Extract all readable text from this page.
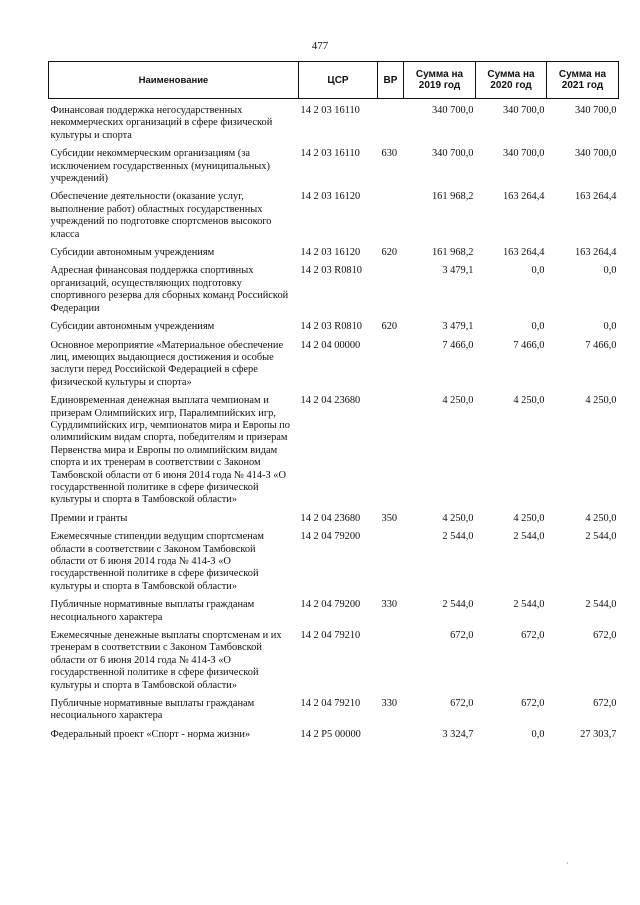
477
Наименование	ЦСР	ВР	Сумма на 2019 год	Сумма на 2020 год	Сумма на 2021 год

Финансовая поддержка негосударственных некоммерческих организаций в сфере физической культуры и спорта	14 2 03 16110		340 700,0	340 700,0	340 700,0
Субсидии некоммерческим организациям (за исключением государственных (муниципальных) учреждений)	14 2 03 16110	630	340 700,0	340 700,0	340 700,0
Обеспечение деятельности (оказание услуг, выполнение работ) областных государственных учреждений по подготовке спортсменов высокого класса	14 2 03 16120		161 968,2	163 264,4	163 264,4
Субсидии автономным учреждениям	14 2 03 16120	620	161 968,2	163 264,4	163 264,4
Адресная финансовая поддержка спортивных организаций, осуществляющих подготовку спортивного резерва для сборных команд Российской Федерации	14 2 03 R0810		3 479,1	0,0	0,0
Субсидии автономным учреждениям	14 2 03 R0810	620	3 479,1	0,0	0,0
Основное мероприятие «Материальное обеспечение лиц, имеющих выдающиеся достижения и особые заслуги перед Российской Федерацией в сфере физической культуры и спорта»	14 2 04 00000		7 466,0	7 466,0	7 466,0
Единовременная денежная выплата чемпионам и призерам Олимпийских игр, Паралимпийских игр, Сурдлимпийских игр, чемпионатов мира и Европы по олимпийским видам спорта, победителям и призерам Первенства мира и Европы по олимпийским видам спорта и их тренерам в соответствии с Законом Тамбовской области от 6 июня 2014 года № 414-З «О государственной политике в сфере физической культуры и спорта в Тамбовской области»	14 2 04 23680		4 250,0	4 250,0	4 250,0
Премии и гранты	14 2 04 23680	350	4 250,0	4 250,0	4 250,0
Ежемесячные стипендии ведущим спортсменам области в соответствии с Законом Тамбовской области от 6 июня 2014 года № 414-З «О государственной политике в сфере физической культуры и спорта в Тамбовской области»	14 2 04 79200		2 544,0	2 544,0	2 544,0
Публичные нормативные выплаты гражданам несоциального характера	14 2 04 79200	330	2 544,0	2 544,0	2 544,0
Ежемесячные денежные выплаты спортсменам и их тренерам в соответствии с Законом Тамбовской области от 6 июня 2014 года № 414-З «О государственной политике в сфере физической культуры и спорта в Тамбовской области»	14 2 04 79210		672,0	672,0	672,0
Публичные нормативные выплаты гражданам несоциального характера	14 2 04 79210	330	672,0	672,0	672,0
Федеральный проект «Спорт - норма жизни»	14 2 P5 00000		3 324,7	0,0	27 303,7
·
